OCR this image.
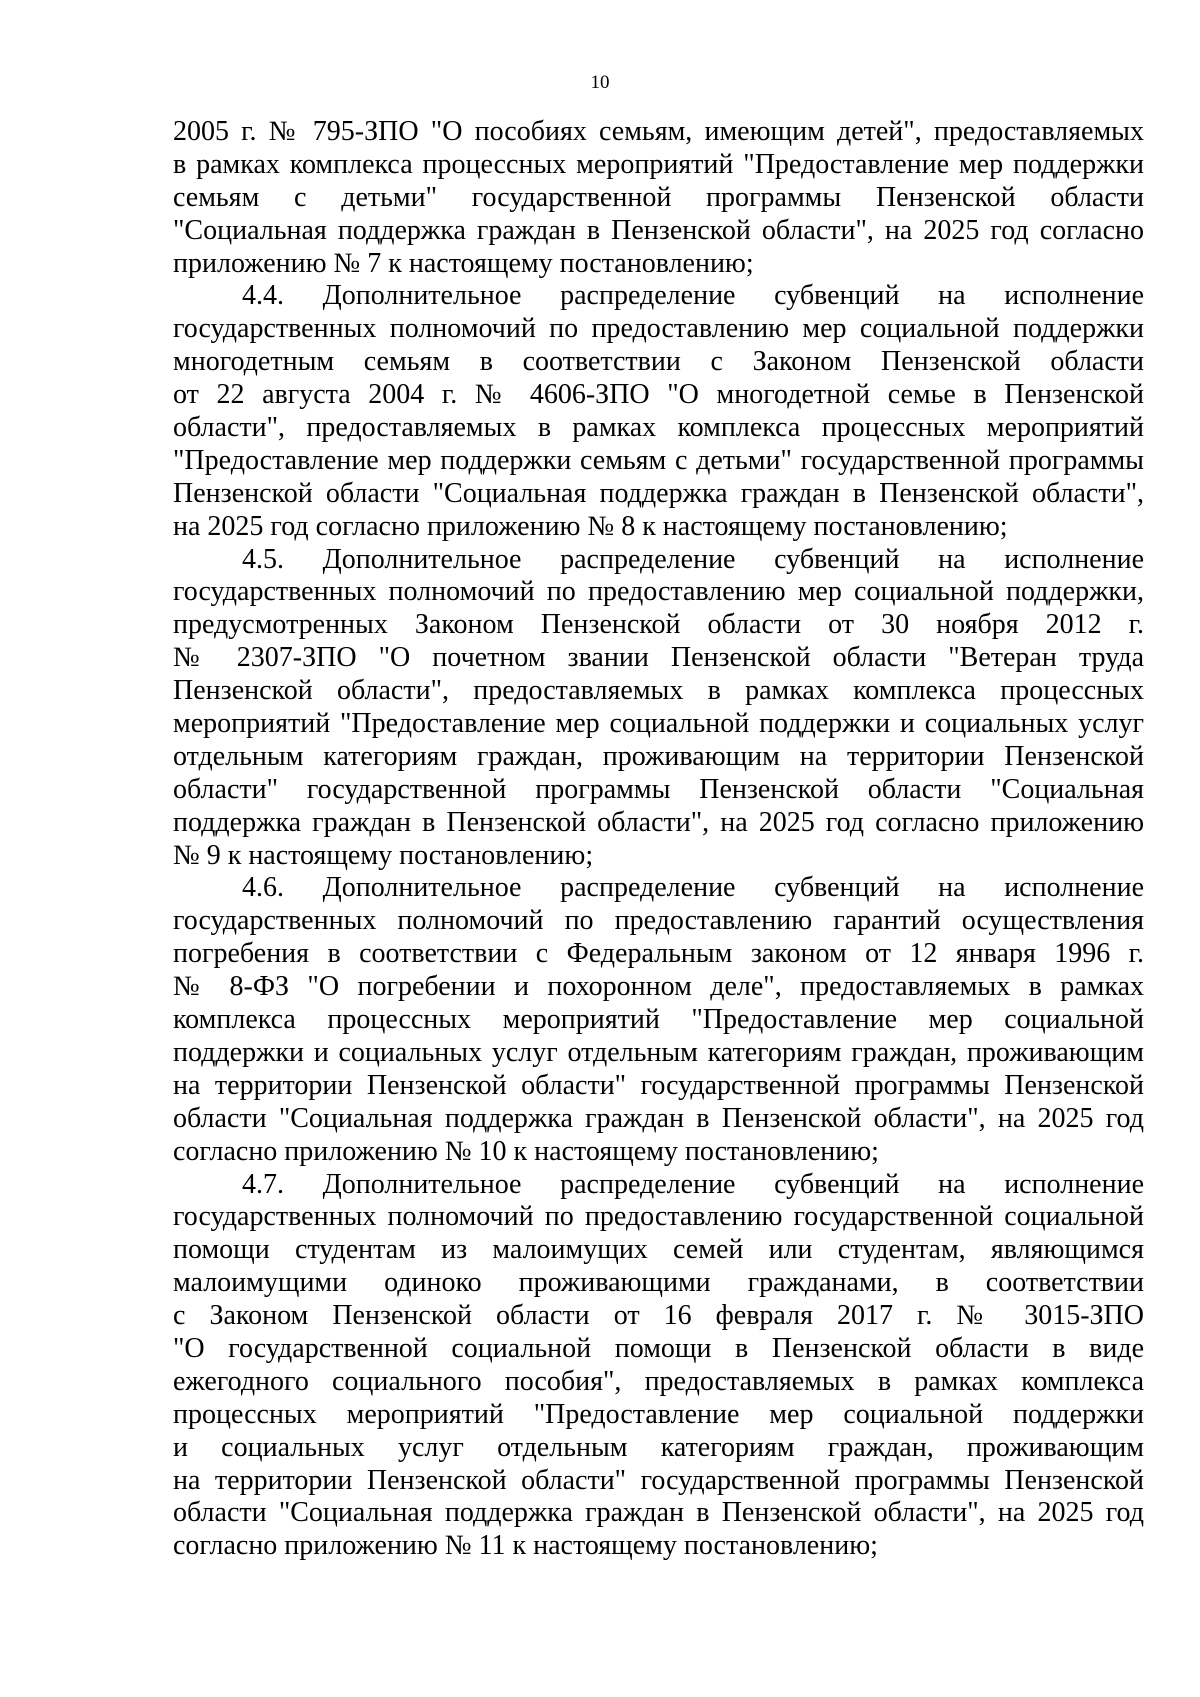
10
2005 г. № 795-ЗПО "О пособиях семьям, имеющим детей", предоставляемых
в рамках комплекса процессных мероприятий "Предоставление мер поддержки
семьям с детьми" государственной программы Пензенской области
"Социальная поддержка граждан в Пензенской области", на 2025 год согласно
приложению № 7 к настоящему постановлению;
4.4. Дополнительное распределение субвенций на исполнение
государственных полномочий по предоставлению мер социальной поддержки
многодетным семьям в соответствии с Законом Пензенской области
от 22 августа 2004 г. № 4606-ЗПО "О многодетной семье в Пензенской
области", предоставляемых в рамках комплекса процессных мероприятий
"Предоставление мер поддержки семьям с детьми" государственной программы
Пензенской области "Социальная поддержка граждан в Пензенской области",
на 2025 год согласно приложению № 8 к настоящему постановлению;
4.5. Дополнительное распределение субвенций на исполнение
государственных полномочий по предоставлению мер социальной поддержки,
предусмотренных Законом Пензенской области от 30 ноября 2012 г.
№ 2307-ЗПО "О почетном звании Пензенской области "Ветеран труда
Пензенской области", предоставляемых в рамках комплекса процессных
мероприятий "Предоставление мер социальной поддержки и социальных услуг
отдельным категориям граждан, проживающим на территории Пензенской
области" государственной программы Пензенской области "Социальная
поддержка граждан в Пензенской области", на 2025 год согласно приложению
№ 9 к настоящему постановлению;
4.6. Дополнительное распределение субвенций на исполнение
государственных полномочий по предоставлению гарантий осуществления
погребения в соответствии с Федеральным законом от 12 января 1996 г.
№ 8-ФЗ "О погребении и похоронном деле", предоставляемых в рамках
комплекса процессных мероприятий "Предоставление мер социальной
поддержки и социальных услуг отдельным категориям граждан, проживающим
на территории Пензенской области" государственной программы Пензенской
области "Социальная поддержка граждан в Пензенской области", на 2025 год
согласно приложению № 10 к настоящему постановлению;
4.7. Дополнительное распределение субвенций на исполнение
государственных полномочий по предоставлению государственной социальной
помощи студентам из малоимущих семей или студентам, являющимся
малоимущими одиноко проживающими гражданами, в соответствии
с Законом Пензенской области от 16 февраля 2017 г. № 3015-ЗПО
"О государственной социальной помощи в Пензенской области в виде
ежегодного социального пособия", предоставляемых в рамках комплекса
процессных мероприятий "Предоставление мер социальной поддержки
и социальных услуг отдельным категориям граждан, проживающим
на территории Пензенской области" государственной программы Пензенской
области "Социальная поддержка граждан в Пензенской области", на 2025 год
согласно приложению № 11 к настоящему постановлению;
